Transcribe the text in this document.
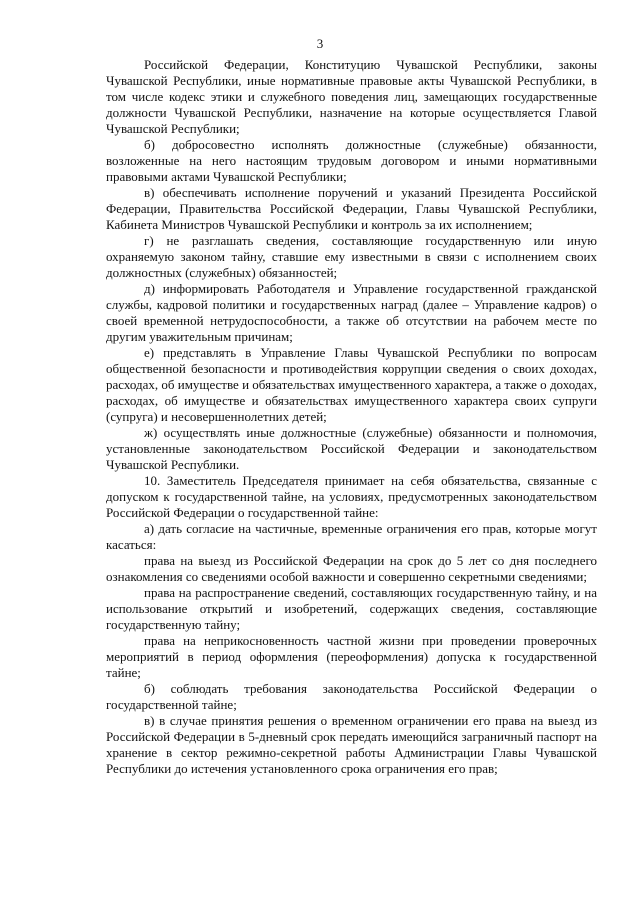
3

Российской Федерации, Конституцию Чувашской Республики, законы Чувашской Республики, иные нормативные правовые акты Чувашской Республики, в том числе кодекс этики и служебного поведения лиц, замещающих государственные должности Чувашской Республики, назначение на которые осуществляется Главой Чувашской Республики;

б) добросовестно исполнять должностные (служебные) обязанности, возложенные на него настоящим трудовым договором и иными нормативными правовыми актами Чувашской Республики;

в) обеспечивать исполнение поручений и указаний Президента Российской Федерации, Правительства Российской Федерации, Главы Чувашской Республики, Кабинета Министров Чувашской Республики и контроль за их исполнением;

г) не разглашать сведения, составляющие государственную или иную охраняемую законом тайну, ставшие ему известными в связи с исполнением своих должностных (служебных) обязанностей;

д) информировать Работодателя и Управление государственной гражданской службы, кадровой политики и государственных наград (далее – Управление кадров) о своей временной нетрудоспособности, а также об отсутствии на рабочем месте по другим уважительным причинам;

е) представлять в Управление Главы Чувашской Республики по вопросам общественной безопасности и противодействия коррупции сведения о своих доходах, расходах, об имуществе и обязательствах имущественного характера, а также о доходах, расходах, об имуществе и обязательствах имущественного характера своих супруги (супруга) и несовершеннолетних детей;

ж) осуществлять иные должностные (служебные) обязанности и полномочия, установленные законодательством Российской Федерации и законодательством Чувашской Республики.

10. Заместитель Председателя принимает на себя обязательства, связанные с допуском к государственной тайне, на условиях, предусмотренных законодательством Российской Федерации о государственной тайне:

а) дать согласие на частичные, временные ограничения его прав, которые могут касаться:

права на выезд из Российской Федерации на срок до 5 лет со дня последнего ознакомления со сведениями особой важности и совершенно секретными сведениями;

права на распространение сведений, составляющих государственную тайну, и на использование открытий и изобретений, содержащих сведения, составляющие государственную тайну;

права на неприкосновенность частной жизни при проведении проверочных мероприятий в период оформления (переоформления) допуска к государственной тайне;

б) соблюдать требования законодательства Российской Федерации о государственной тайне;

в) в случае принятия решения о временном ограничении его права на выезд из Российской Федерации в 5-дневный срок передать имеющийся заграничный паспорт на хранение в сектор режимно-секретной работы Администрации Главы Чувашской Республики до истечения установленного срока ограничения его прав;
